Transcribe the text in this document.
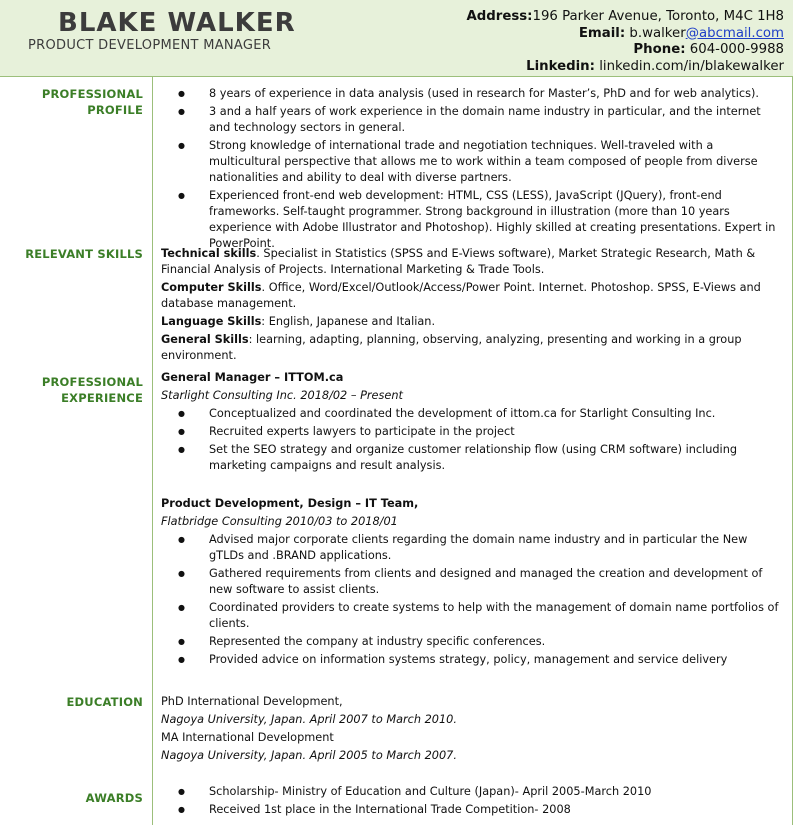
BLAKE WALKER
PRODUCT DEVELOPMENT MANAGER
Address:196 Parker Avenue, Toronto, M4C 1H8
Email: b.walker@abcmail.com
Phone: 604-000-9988
Linkedin: linkedin.com/in/blakewalker
PROFESSIONAL PROFILE
● 8 years of experience in data analysis (used in research for Master’s, PhD and for web analytics).
● 3 and a half years of work experience in the domain name industry in particular, and the internet and technology sectors in general.
● Strong knowledge of international trade and negotiation techniques. Well-traveled with a multicultural perspective that allows me to work within a team composed of people from diverse nationalities and ability to deal with diverse partners.
● Experienced front-end web development: HTML, CSS (LESS), JavaScript (JQuery), front-end frameworks. Self-taught programmer. Strong background in illustration (more than 10 years experience with Adobe Illustrator and Photoshop). Highly skilled at creating presentations. Expert in PowerPoint.
RELEVANT SKILLS Technical skills. Specialist in Statistics (SPSS and E-Views software), Market Strategic Research, Math & Financial Analysis of Projects. International Marketing & Trade Tools.
Computer Skills. Office, Word/Excel/Outlook/Access/Power Point. Internet. Photoshop. SPSS, E-Views and database management.
Language Skills: English, Japanese and Italian.
General Skills: learning, adapting, planning, observing, analyzing, presenting and working in a group environment.
PROFESSIONAL
EXPERIENCE
General Manager – ITTOM.ca
Starlight Consulting Inc. 2018/02 – Present
● Conceptualized and coordinated the development of ittom.ca for Starlight Consulting Inc.
● Recruited experts lawyers to participate in the project
● Set the SEO strategy and organize customer relationship flow (using CRM software) including marketing campaigns and result analysis.
Product Development, Design – IT Team,
Flatbridge Consulting 2010/03 to 2018/01
● Advised major corporate clients regarding the domain name industry and in particular the New gTLDs and .BRAND applications.
● Gathered requirements from clients and designed and managed the creation and development of new software to assist clients.
● Coordinated providers to create systems to help with the management of domain name portfolios of clients.
● Represented the company at industry specific conferences.
● Provided advice on information systems strategy, policy, management and service delivery
EDUCATION PhD International Development,
Nagoya University, Japan. April 2007 to March 2010.
MA International Development
Nagoya University, Japan. April 2005 to March 2007.
AWARDS
●	Scholarship- Ministry of Education and Culture (Japan)- April 2005-March 2010
● Received 1st place in the International Trade Competition- 2008
